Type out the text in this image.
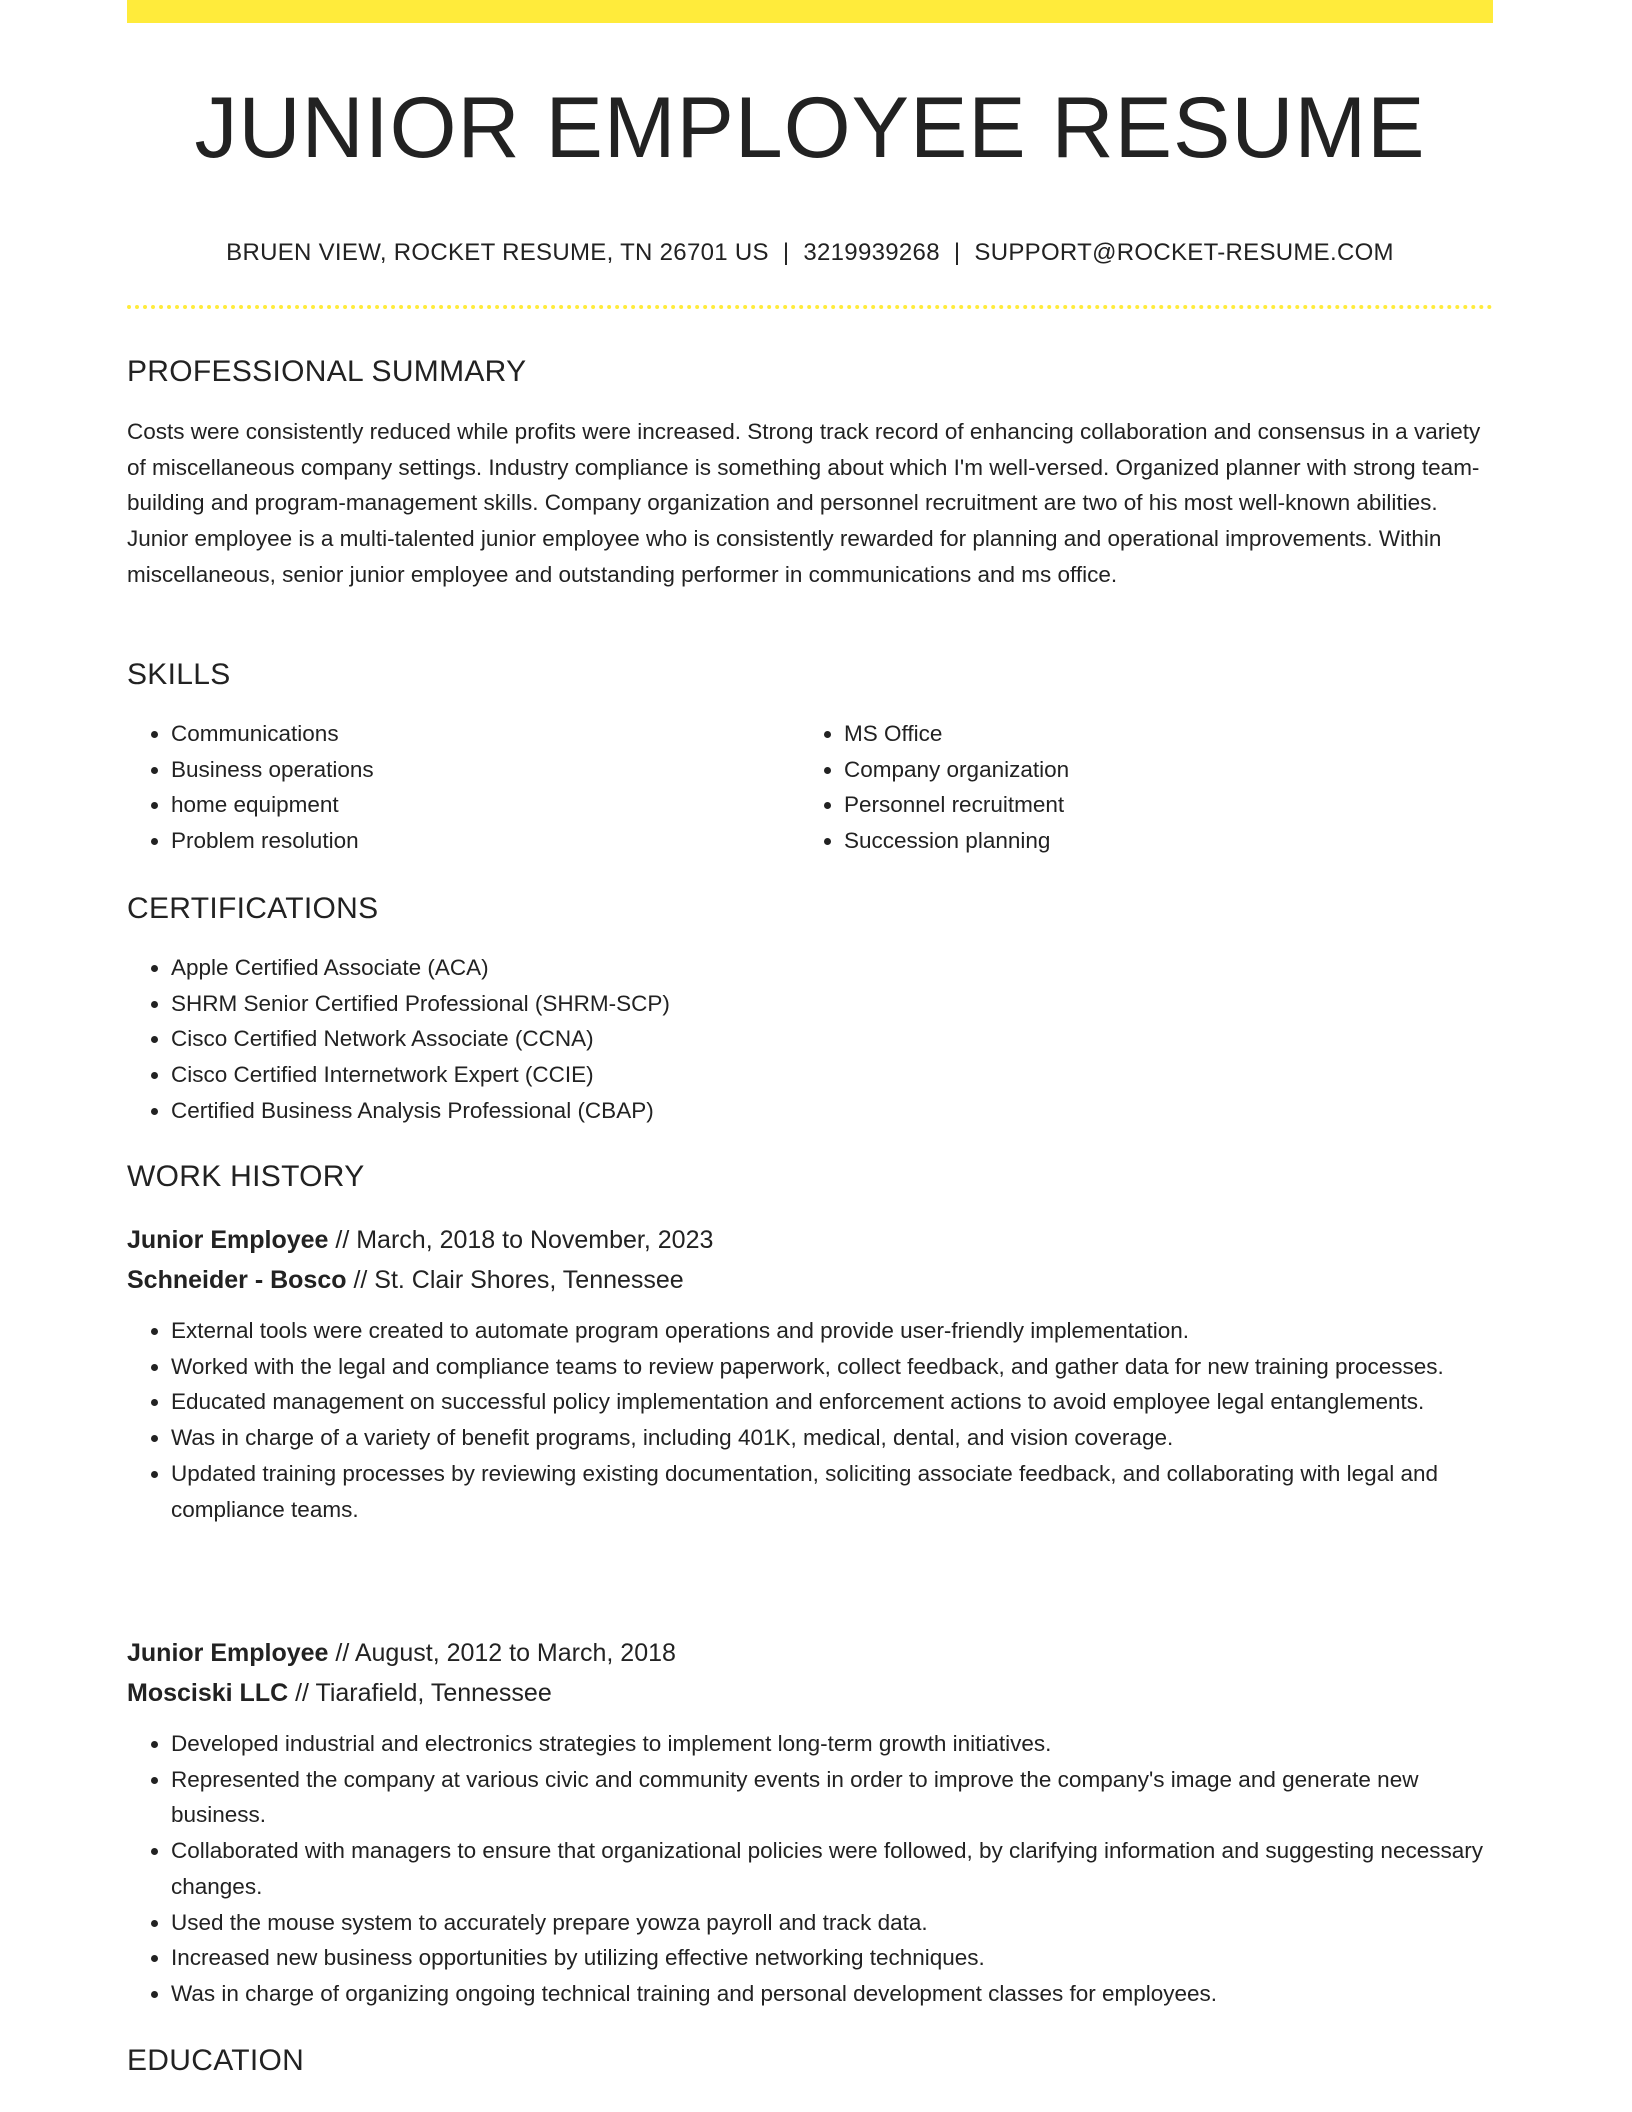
JUNIOR EMPLOYEE RESUME
BRUEN VIEW, ROCKET RESUME, TN 26701 US | 3219939268 | SUPPORT@ROCKET-RESUME.COM
PROFESSIONAL SUMMARY
Costs were consistently reduced while profits were increased. Strong track record of enhancing collaboration and consensus in a variety of miscellaneous company settings. Industry compliance is something about which I'm well-versed. Organized planner with strong team-building and program-management skills. Company organization and personnel recruitment are two of his most well-known abilities. Junior employee is a multi-talented junior employee who is consistently rewarded for planning and operational improvements. Within miscellaneous, senior junior employee and outstanding performer in communications and ms office.
SKILLS
• Communications
• Business operations
• home equipment
• Problem resolution
• MS Office
• Company organization
• Personnel recruitment
• Succession planning
CERTIFICATIONS
• Apple Certified Associate (ACA)
• SHRM Senior Certified Professional (SHRM-SCP)
• Cisco Certified Network Associate (CCNA)
• Cisco Certified Internetwork Expert (CCIE)
• Certified Business Analysis Professional (CBAP)
WORK HISTORY
Junior Employee // March, 2018 to November, 2023
Schneider - Bosco // St. Clair Shores, Tennessee
• External tools were created to automate program operations and provide user-friendly implementation.
• Worked with the legal and compliance teams to review paperwork, collect feedback, and gather data for new training processes.
• Educated management on successful policy implementation and enforcement actions to avoid employee legal entanglements.
• Was in charge of a variety of benefit programs, including 401K, medical, dental, and vision coverage.
• Updated training processes by reviewing existing documentation, soliciting associate feedback, and collaborating with legal and compliance teams.
Junior Employee // August, 2012 to March, 2018
Mosciski LLC // Tiarafield, Tennessee
• Developed industrial and electronics strategies to implement long-term growth initiatives.
• Represented the company at various civic and community events in order to improve the company's image and generate new business.
• Collaborated with managers to ensure that organizational policies were followed, by clarifying information and suggesting necessary changes.
• Used the mouse system to accurately prepare yowza payroll and track data.
• Increased new business opportunities by utilizing effective networking techniques.
• Was in charge of organizing ongoing technical training and personal development classes for employees.
EDUCATION
